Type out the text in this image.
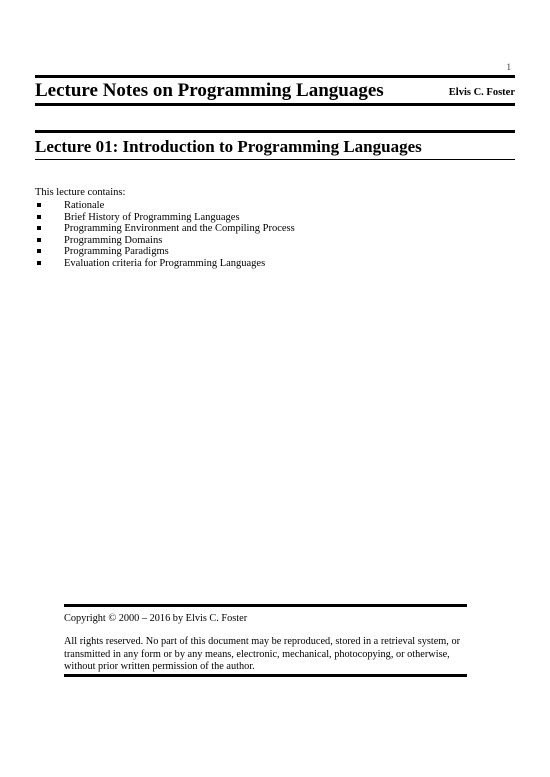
1
Lecture Notes on Programming Languages	Elvis C. Foster
Lecture 01: Introduction to Programming Languages
This lecture contains:
Rationale
Brief History of Programming Languages
Programming Environment and the Compiling Process
Programming Domains
Programming Paradigms
Evaluation criteria for Programming Languages
Copyright © 2000 – 2016 by Elvis C. Foster
All rights reserved. No part of this document may be reproduced, stored in a retrieval system, or transmitted in any form or by any means, electronic, mechanical, photocopying, or otherwise, without prior written permission of the author.
